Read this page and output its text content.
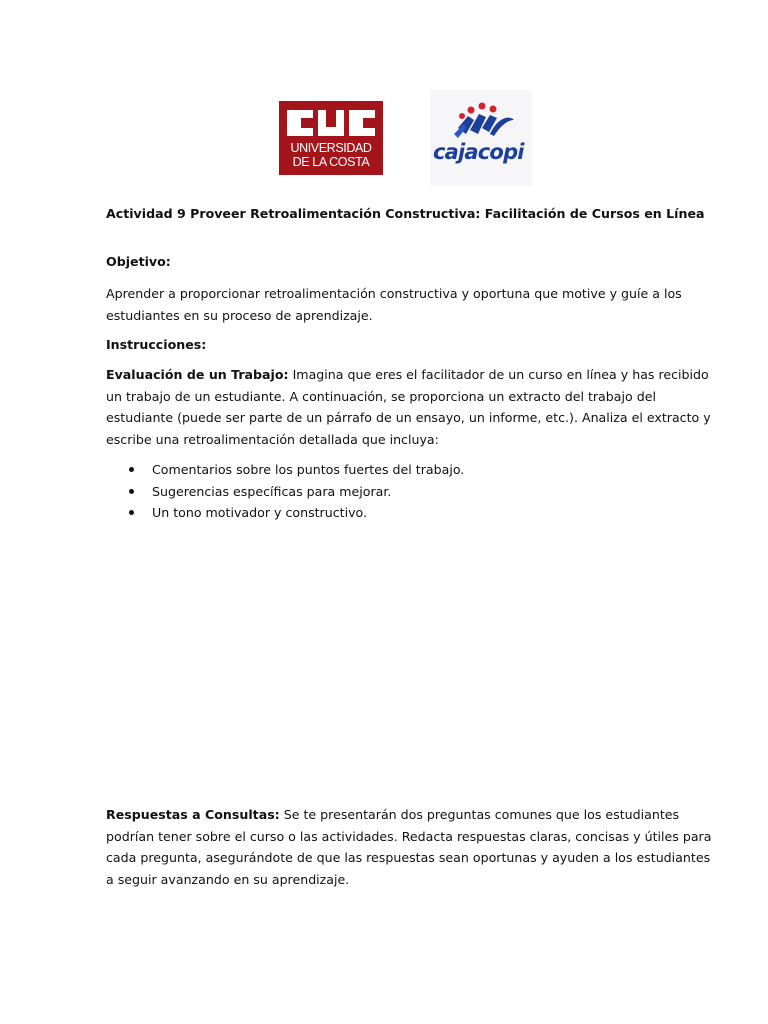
UNIVERSIDAD
DE LA COSTA	cajacopi
Actividad 9 Proveer Retroalimentación Constructiva: Facilitación de Cursos en Línea
Objetivo:
Aprender a proporcionar retroalimentación constructiva y oportuna que motive y guíe a los
estudiantes en su proceso de aprendizaje.
Instrucciones:
Evaluación de un Trabajo: Imagina que eres el facilitador de un curso en línea y has recibido
un trabajo de un estudiante. A continuación, se proporciona un extracto del trabajo del
estudiante (puede ser parte de un párrafo de un ensayo, un informe, etc.). Analiza el extracto y
escribe una retroalimentación detallada que incluya:
Comentarios sobre los puntos fuertes del trabajo.
Sugerencias específicas para mejorar.
Un tono motivador y constructivo.
Respuestas a Consultas: Se te presentarán dos preguntas comunes que los estudiantes
podrían tener sobre el curso o las actividades. Redacta respuestas claras, concisas y útiles para
cada pregunta, asegurándote de que las respuestas sean oportunas y ayuden a los estudiantes
a seguir avanzando en su aprendizaje.
